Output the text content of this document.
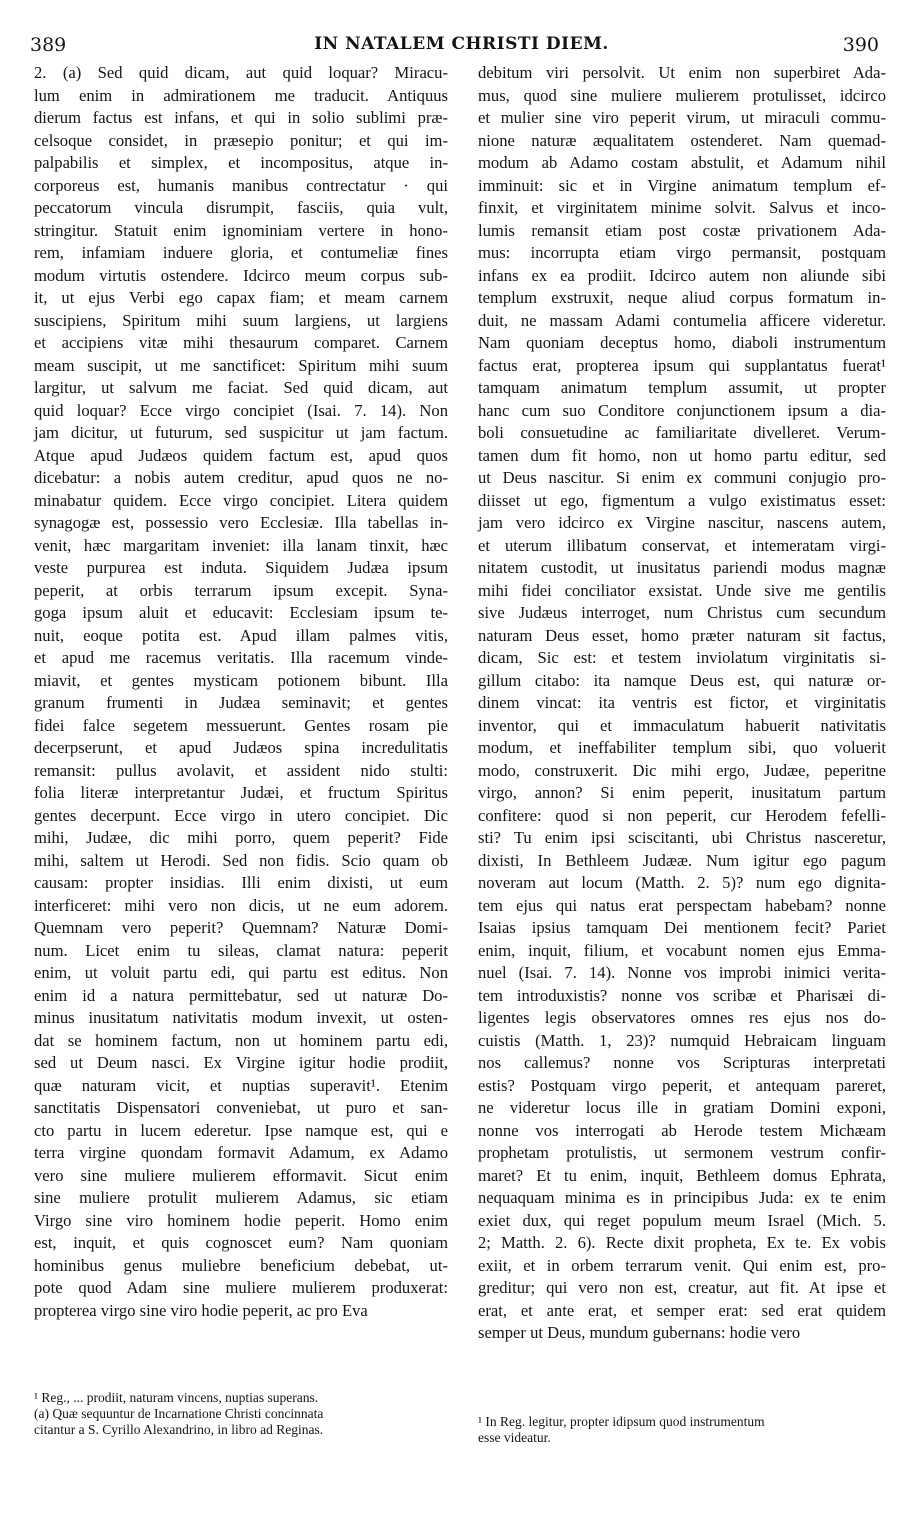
389	IN NATALEM CHRISTI DIEM.	390
2. (a) Sed quid dicam, aut quid loquar? Miracu-
lum enim in admirationem me traducit. Antiquus
dierum factus est infans, et qui in solio sublimi præ-
celsoque considet, in præsepio ponitur; et qui im-
palpabilis et simplex, et incompositus, atque in-
corporeus est, humanis manibus contrectatur · qui
peccatorum vincula disrumpit, fasciis, quia vult,
stringitur. Statuit enim ignominiam vertere in hono-
rem, infamiam induere gloria, et contumeliæ fines
modum virtutis ostendere. Idcirco meum corpus sub-
it, ut ejus Verbi ego capax fiam; et meam carnem
suscipiens, Spiritum mihi suum largiens, ut largiens
et accipiens vitæ mihi thesaurum comparet. Carnem
meam suscipit, ut me sanctificet: Spiritum mihi suum
largitur, ut salvum me faciat. Sed quid dicam, aut
quid loquar? Ecce virgo concipiet (Isai. 7. 14). Non
jam dicitur, ut futurum, sed suspicitur ut jam factum.
Atque apud Judæos quidem factum est, apud quos
dicebatur: a nobis autem creditur, apud quos ne no-
minabatur quidem. Ecce virgo concipiet. Litera quidem
synagogæ est, possessio vero Ecclesiæ. Illa tabellas in-
venit, hæc margaritam inveniet: illa lanam tinxit, hæc
veste purpurea est induta. Siquidem Judæa ipsum
peperit, at orbis terrarum ipsum excepit. Syna-
goga ipsum aluit et educavit: Ecclesiam ipsum te-
nuit, eoque potita est. Apud illam palmes vitis,
et apud me racemus veritatis. Illa racemum vinde-
miavit, et gentes mysticam potionem bibunt. Illa
granum frumenti in Judæa seminavit; et gentes
fidei falce segetem messuerunt. Gentes rosam pie
decerpserunt, et apud Judæos spina incredulitatis
remansit: pullus avolavit, et assident nido stulti:
folia literæ interpretantur Judæi, et fructum Spiritus
gentes decerpunt. Ecce virgo in utero concipiet. Dic
mihi, Judæe, dic mihi porro, quem peperit? Fide
mihi, saltem ut Herodi. Sed non fidis. Scio quam ob
causam: propter insidias. Illi enim dixisti, ut eum
interficeret: mihi vero non dicis, ut ne eum adorem.
Quemnam vero peperit? Quemnam? Naturæ Domi-
num. Licet enim tu sileas, clamat natura: peperit
enim, ut voluit partu edi, qui partu est editus. Non
enim id a natura permittebatur, sed ut naturæ Do-
minus inusitatum nativitatis modum invexit, ut osten-
dat se hominem factum, non ut hominem partu edi,
sed ut Deum nasci. Ex Virgine igitur hodie prodiit,
quæ naturam vicit, et nuptias superavit¹. Etenim
sanctitatis Dispensatori conveniebat, ut puro et san-
cto partu in lucem ederetur. Ipse namque est, qui e
terra virgine quondam formavit Adamum, ex Adamo
vero sine muliere mulierem efformavit. Sicut enim
sine muliere protulit mulierem Adamus, sic etiam
Virgo sine viro hominem hodie peperit. Homo enim
est, inquit, et quis cognoscet eum? Nam quoniam
hominibus genus muliebre beneficium debebat, ut-
pote quod Adam sine muliere mulierem produxerat:
propterea virgo sine viro hodie peperit, ac pro Eva
debitum viri persolvit. Ut enim non superbiret Ada-
mus, quod sine muliere mulierem protulisset, idcirco
et mulier sine viro peperit virum, ut miraculi commu-
nione naturæ æqualitatem ostenderet. Nam quemad-
modum ab Adamo costam abstulit, et Adamum nihil
imminuit: sic et in Virgine animatum templum ef-
finxit, et virginitatem minime solvit. Salvus et inco-
lumis remansit etiam post costæ privationem Ada-
mus: incorrupta etiam virgo permansit, postquam
infans ex ea prodiit. Idcirco autem non aliunde sibi
templum exstruxit, neque aliud corpus formatum in-
duit, ne massam Adami contumelia afficere videretur.
Nam quoniam deceptus homo, diaboli instrumentum
factus erat, propterea ipsum qui supplantatus fuerat¹
tamquam animatum templum assumit, ut propter
hanc cum suo Conditore conjunctionem ipsum a dia-
boli consuetudine ac familiaritate divelleret. Verum-
tamen dum fit homo, non ut homo partu editur, sed
ut Deus nascitur. Si enim ex communi conjugio pro-
diisset ut ego, figmentum a vulgo existimatus esset:
jam vero idcirco ex Virgine nascitur, nascens autem,
et uterum illibatum conservat, et intemeratam virgi-
nitatem custodit, ut inusitatus pariendi modus magnæ
mihi fidei conciliator exsistat. Unde sive me gentilis
sive Judæus interroget, num Christus cum secundum
naturam Deus esset, homo præter naturam sit factus,
dicam, Sic est: et testem inviolatum virginitatis si-
gillum citabo: ita namque Deus est, qui naturæ or-
dinem vincat: ita ventris est fictor, et virginitatis
inventor, qui et immaculatum habuerit nativitatis
modum, et ineffabiliter templum sibi, quo voluerit
modo, construxerit. Dic mihi ergo, Judæe, peperitne
virgo, annon? Si enim peperit, inusitatum partum
confitere: quod si non peperit, cur Herodem fefelli-
sti? Tu enim ipsi sciscitanti, ubi Christus nasceretur,
dixisti, In Bethleem Judææ. Num igitur ego pagum
noveram aut locum (Matth. 2. 5)? num ego dignita-
tem ejus qui natus erat perspectam habebam? nonne
Isaias ipsius tamquam Dei mentionem fecit? Pariet
enim, inquit, filium, et vocabunt nomen ejus Emma-
nuel (Isai. 7. 14). Nonne vos improbi inimici verita-
tem introduxistis? nonne vos scribæ et Pharisæi di-
ligentes legis observatores omnes res ejus nos do-
cuistis (Matth. 1, 23)? numquid Hebraicam linguam
nos callemus? nonne vos Scripturas interpretati
estis? Postquam virgo peperit, et antequam pareret,
ne videretur locus ille in gratiam Domini exponi,
nonne vos interrogati ab Herode testem Michæam
prophetam protulistis, ut sermonem vestrum confir-
maret? Et tu enim, inquit, Bethleem domus Ephrata,
nequaquam minima es in principibus Juda: ex te enim
exiet dux, qui reget populum meum Israel (Mich. 5.
2; Matth. 2. 6). Recte dixit propheta, Ex te. Ex vobis
exiit, et in orbem terrarum venit. Qui enim est, pro-
greditur; qui vero non est, creatur, aut fit. At ipse et
erat, et ante erat, et semper erat: sed erat quidem
semper ut Deus, mundum gubernans: hodie vero
¹ Reg., ... prodiit, naturam vincens, nuptias superans.
(a) Quæ sequuntur de Incarnatione Christi concinnata
citantur a S. Cyrillo Alexandrino, in libro ad Reginas.
¹ In Reg. legitur, propter idipsum quod instrumentum
esse videatur.
